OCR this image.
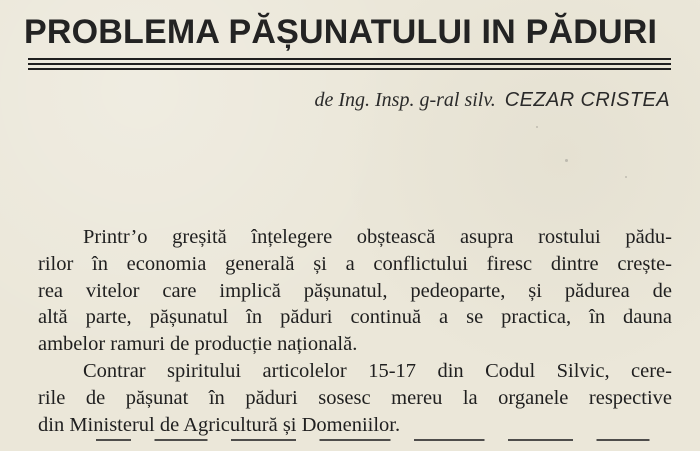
PROBLEMA PĂȘUNATULUI IN PĂDURI
de Ing. Insp. g-ral silv. CEZAR CRISTEA
Printr’o greșită înțelegere obștească asupra rostului pădu-
rilor în economia generală și a conflictului firesc dintre crește-
rea vitelor care implică pășunatul, pedeoparte, și pădurea de
altă parte, pășunatul în păduri continuă a se practica, în dauna
ambelor ramuri de producție națională.
Contrar spiritului articolelor 15-17 din Codul Silvic, cere-
rile de pășunat în păduri sosesc mereu la organele respective
din Ministerul de Agricultură și Domeniilor.
